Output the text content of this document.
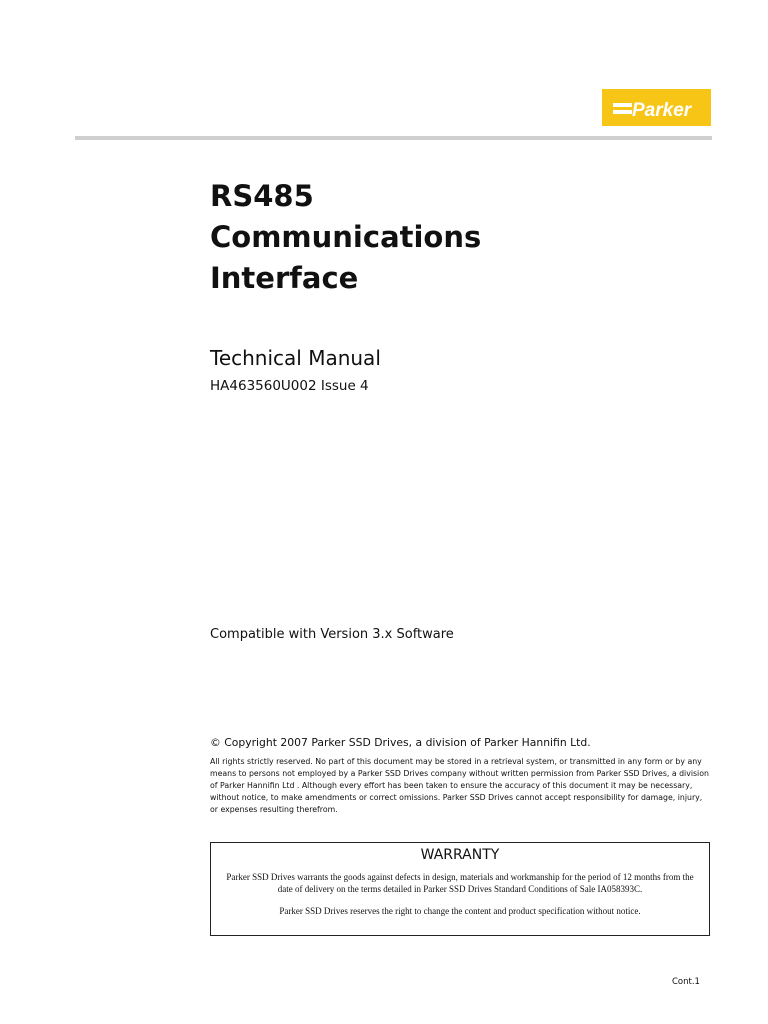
Parker
RS485
Communications
Interface
Technical Manual
HA463560U002 Issue 4
Compatible with Version 3.x Software
© Copyright 2007 Parker SSD Drives, a division of Parker Hannifin Ltd.
All rights strictly reserved. No part of this document may be stored in a retrieval system, or transmitted in any form or by any means to persons not employed by a Parker SSD Drives company without written permission from Parker SSD Drives, a division of Parker Hannifin Ltd . Although every effort has been taken to ensure the accuracy of this document it may be necessary, without notice, to make amendments or correct omissions. Parker SSD Drives cannot accept responsibility for damage, injury, or expenses resulting therefrom.
WARRANTY

Parker SSD Drives warrants the goods against defects in design, materials and workmanship for the period of 12 months from the date of delivery on the terms detailed in Parker SSD Drives Standard Conditions of Sale IA058393C.

Parker SSD Drives reserves the right to change the content and product specification without notice.

Cont.1
